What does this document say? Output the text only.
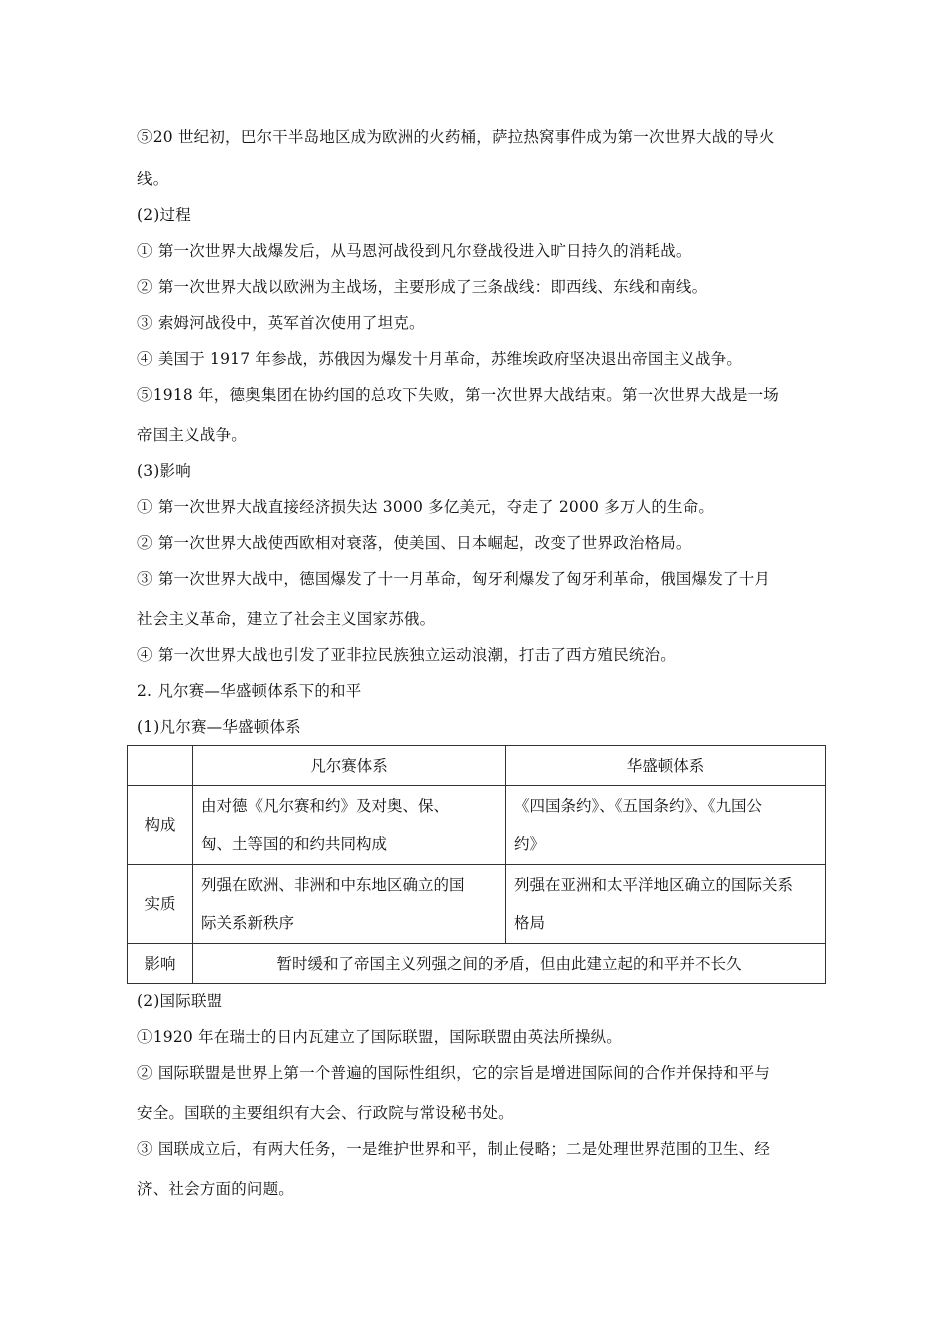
⑤20 世纪初，巴尔干半岛地区成为欧洲的火药桶，萨拉热窝事件成为第一次世界大战的导火
线。
(2)过程
① 第一次世界大战爆发后，从马恩河战役到凡尔登战役进入旷日持久的消耗战。
② 第一次世界大战以欧洲为主战场，主要形成了三条战线：即西线、东线和南线。
③ 索姆河战役中，英军首次使用了坦克。
④ 美国于 1917 年参战，苏俄因为爆发十月革命，苏维埃政府坚决退出帝国主义战争。
⑤1918 年，德奥集团在协约国的总攻下失败，第一次世界大战结束。第一次世界大战是一场
帝国主义战争。
(3)影响
① 第一次世界大战直接经济损失达 3000 多亿美元，夺走了 2000 多万人的生命。
② 第一次世界大战使西欧相对衰落，使美国、日本崛起，改变了世界政治格局。
③ 第一次世界大战中，德国爆发了十一月革命，匈牙利爆发了匈牙利革命，俄国爆发了十月
社会主义革命，建立了社会主义国家苏俄。
④ 第一次世界大战也引发了亚非拉民族独立运动浪潮，打击了西方殖民统治。
2. 凡尔赛—华盛顿体系下的和平
(1)凡尔赛—华盛顿体系
	凡尔赛体系	华盛顿体系
构成	由对德《凡尔赛和约》及对奥、保、
匈、土等国的和约共同构成	《四国条约》、《五国条约》、《九国公
约》
实质	列强在欧洲、非洲和中东地区确立的国
际关系新秩序	列强在亚洲和太平洋地区确立的国际关系
格局
影响	暂时缓和了帝国主义列强之间的矛盾，但由此建立起的和平并不长久	
(2)国际联盟
①1920 年在瑞士的日内瓦建立了国际联盟，国际联盟由英法所操纵。
② 国际联盟是世界上第一个普遍的国际性组织，它的宗旨是增进国际间的合作并保持和平与
安全。国联的主要组织有大会、行政院与常设秘书处。
③ 国联成立后，有两大任务，一是维护世界和平，制止侵略；二是处理世界范围的卫生、经
济、社会方面的问题。
